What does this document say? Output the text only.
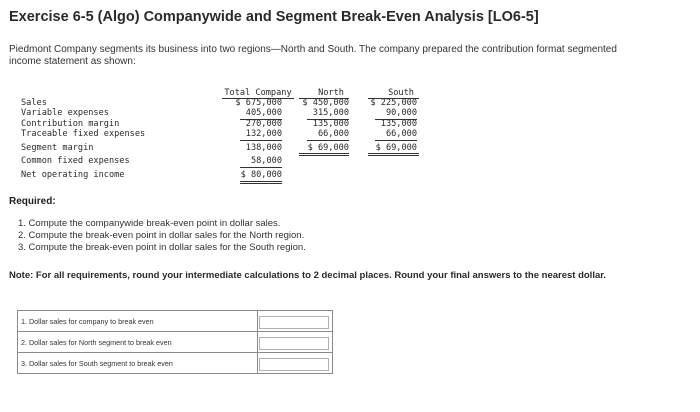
Exercise 6-5 (Algo) Companywide and Segment Break-Even Analysis [LO6-5]
Piedmont Company segments its business into two regions—North and South. The company prepared the contribution format segmented income statement as shown:
Total Company	North	South
Sales	$ 675,000	$ 450,000	$ 225,000
Variable expenses	405,000	315,000	90,000
Contribution margin	270,000	135,000	135,000
Traceable fixed expenses	132,000	66,000	66,000
Segment margin	138,000	$ 69,000	$ 69,000
Common fixed expenses	58,000
Net operating income	$ 80,000
Required:
1. Compute the companywide break-even point in dollar sales.
2. Compute the break-even point in dollar sales for the North region.
3. Compute the break-even point in dollar sales for the South region.
Note: For all requirements, round your intermediate calculations to 2 decimal places. Round your final answers to the nearest dollar.
1. Dollar sales for company to break even	
2. Dollar sales for North segment to break even	
3. Dollar sales for South segment to break even	
